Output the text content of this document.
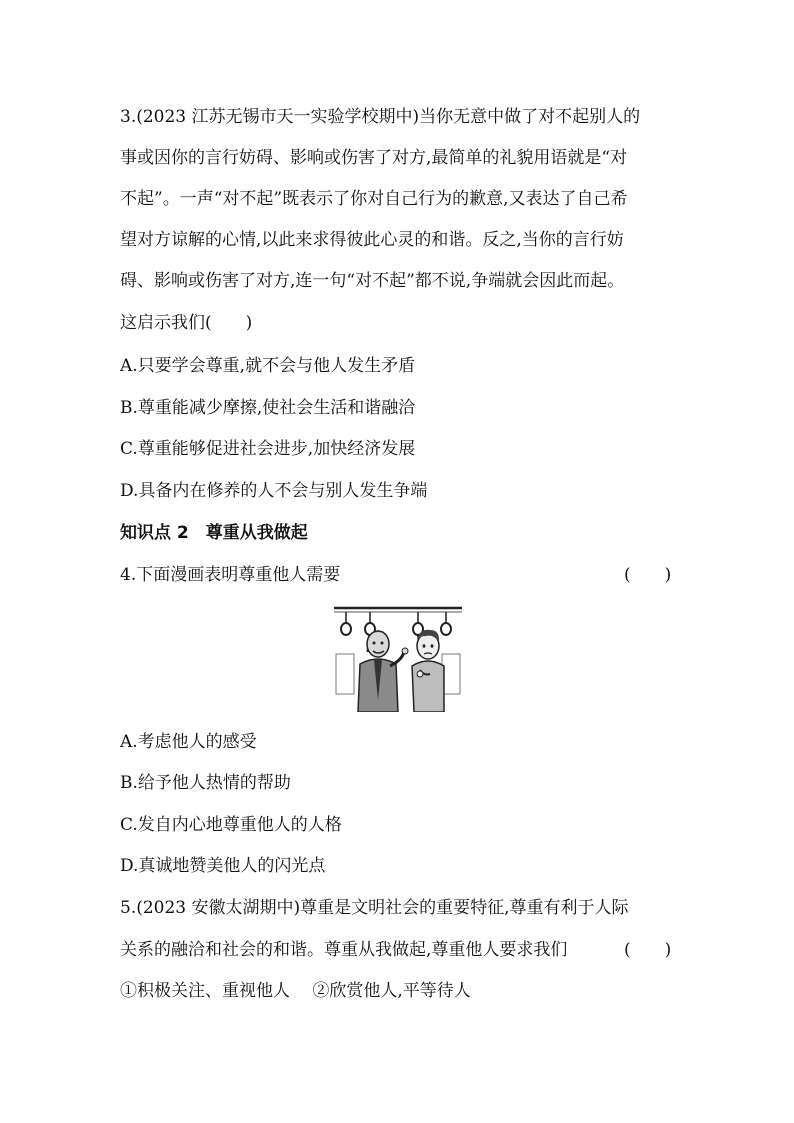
3.(2023 江苏无锡市天一实验学校期中)当你无意中做了对不起别人的
事或因你的言行妨碍、影响或伤害了对方,最简单的礼貌用语就是“对
不起”。一声“对不起”既表示了你对自己行为的歉意,又表达了自己希
望对方谅解的心情,以此来求得彼此心灵的和谐。反之,当你的言行妨
碍、影响或伤害了对方,连一句“对不起”都不说,争端就会因此而起。
这启示我们(　　)
A.只要学会尊重,就不会与他人发生矛盾
B.尊重能减少摩擦,使社会生活和谐融洽
C.尊重能够促进社会进步,加快经济发展
D.具备内在修养的人不会与别人发生争端
知识点 2　尊重从我做起
4.下面漫画表明尊重他人需要	(　　)
A.考虑他人的感受
B.给予他人热情的帮助
C.发自内心地尊重他人的人格
D.真诚地赞美他人的闪光点
5.(2023 安徽太湖期中)尊重是文明社会的重要特征,尊重有利于人际
关系的融洽和社会的和谐。尊重从我做起,尊重他人要求我们	(　　)
①积极关注、重视他人　 ②欣赏他人,平等待人
